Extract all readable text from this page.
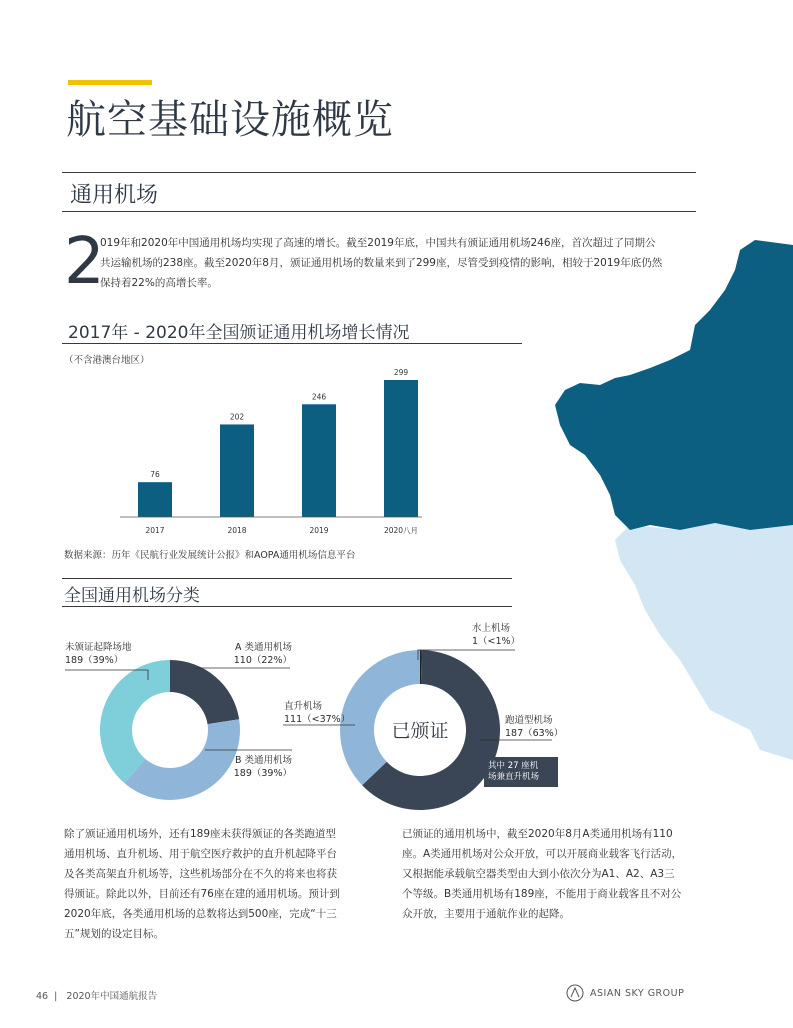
航空基础设施概览
通用机场
2
019年和2020年中国通用机场均实现了高速的增长。截至2019年底，中国共有颁证通用机场246座，首次超过了同期公
共运输机场的238座。截至2020年8月，颁证通用机场的数量来到了299座，尽管受到疫情的影响，相较于2019年底仍然
保持着22%的高增长率。
2017年 - 2020年全国颁证通用机场增长情况
（不含港澳台地区）
76
2017
202
2018
246
2019
299
2020八月
数据来源：历年《民航行业发展统计公报》和AOPA通用机场信息平台
全国通用机场分类
已颁证
未颁证起降场地
189（39%）
A 类通用机场
110（22%）
B 类通用机场
189（39%）
水上机场
1（<1%）
直升机场
111（<37%）	跑道型机场
187（63%）
其中 27 座机
场兼直升机场
除了颁证通用机场外，还有189座未获得颁证的各类跑道型
通用机场、直升机场、用于航空医疗救护的直升机起降平台
及各类高架直升机场等，这些机场部分在不久的将来也将获
得颁证。除此以外，目前还有76座在建的通用机场。预计到
2020年底，各类通用机场的总数将达到500座，完成“十三
五”规划的设定目标。
已颁证的通用机场中，截至2020年8月A类通用机场有110
座。A类通用机场对公众开放，可以开展商业载客飞行活动，
又根据能承载航空器类型由大到小依次分为A1、A2、A3三
个等级。B类通用机场有189座，不能用于商业载客且不对公
众开放，主要用于通航作业的起降。
46  |   2020年中国通航报告	ASIAN SKY GROUP
